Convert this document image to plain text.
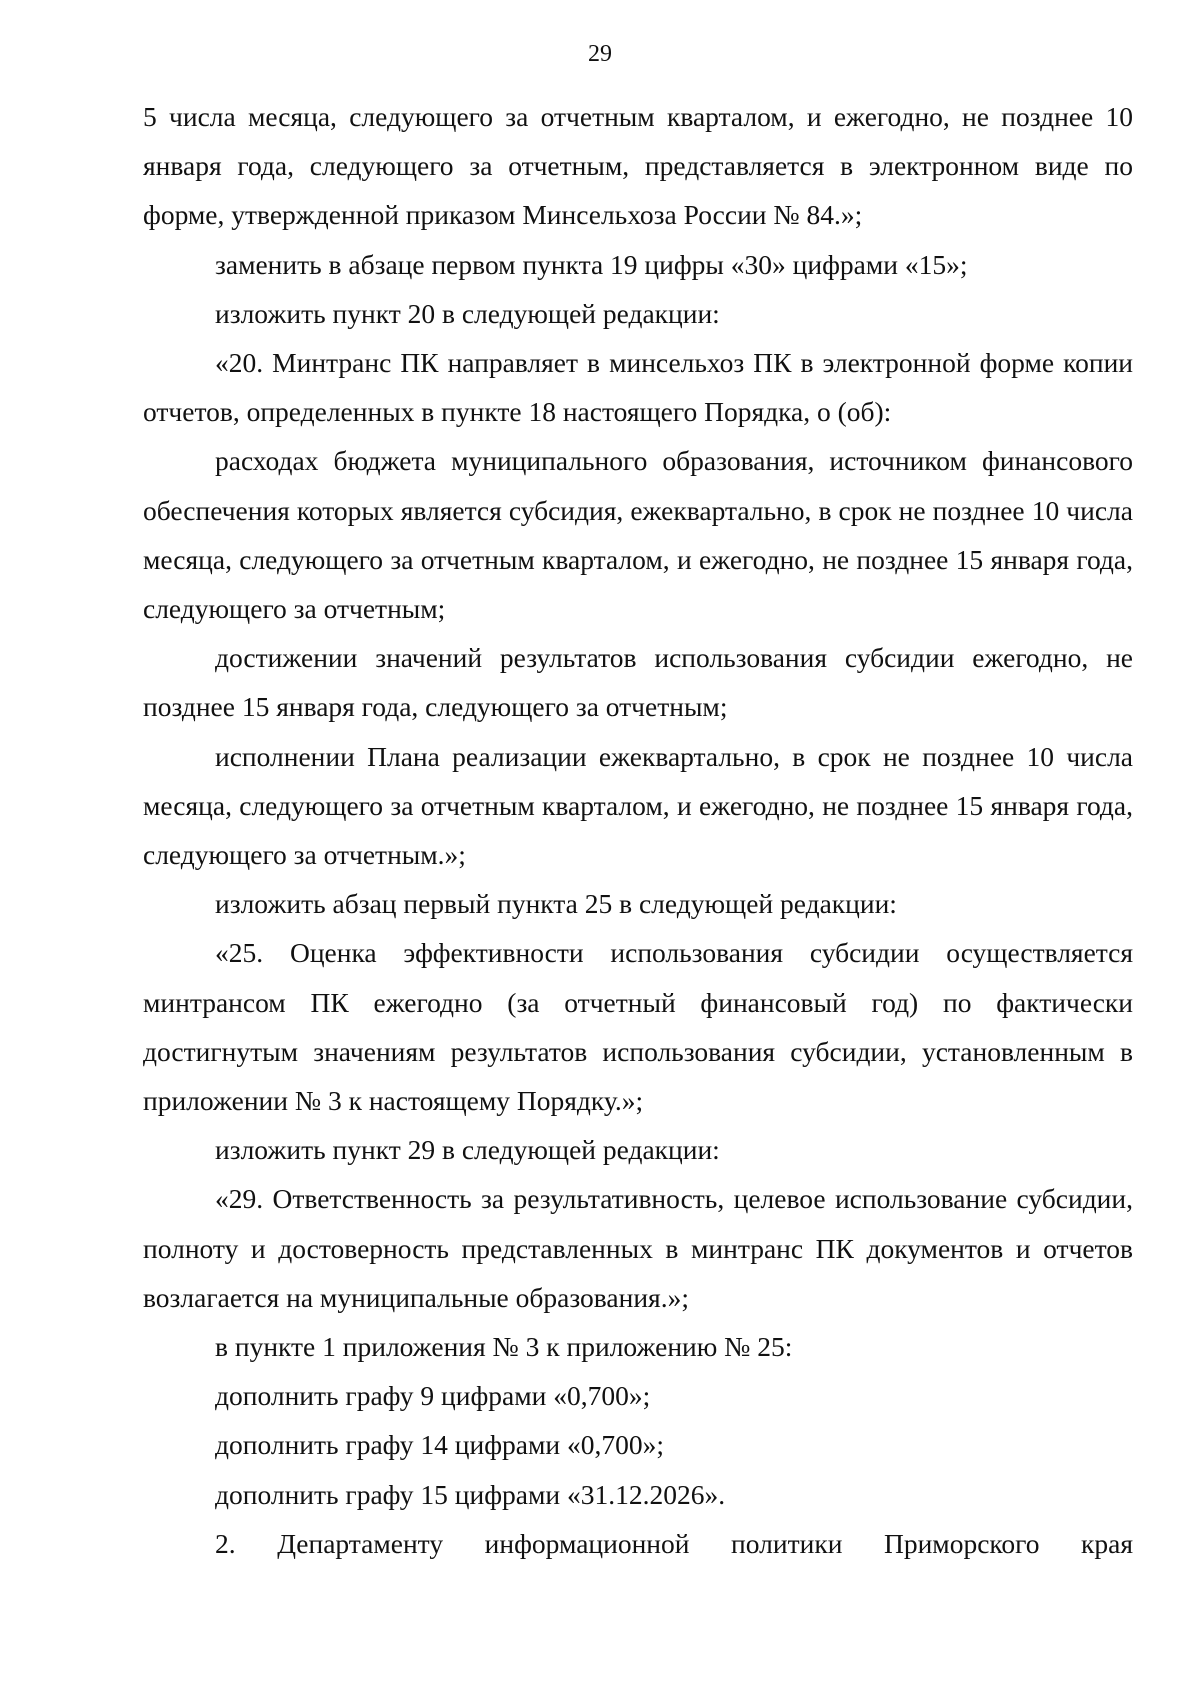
29

5 числа месяца, следующего за отчетным кварталом, и ежегодно, не позднее 10 января года, следующего за отчетным, представляется в электронном виде по форме, утвержденной приказом Минсельхоза России № 84.»;

заменить в абзаце первом пункта 19 цифры «30» цифрами «15»;

изложить пункт 20 в следующей редакции:

«20. Минтранс ПК направляет в минсельхоз ПК в электронной форме копии отчетов, определенных в пункте 18 настоящего Порядка, о (об):

расходах бюджета муниципального образования, источником финансового обеспечения которых является субсидия, ежеквартально, в срок не позднее 10 числа месяца, следующего за отчетным кварталом, и ежегодно, не позднее 15 января года, следующего за отчетным;

достижении значений результатов использования субсидии ежегодно, не позднее 15 января года, следующего за отчетным;

исполнении Плана реализации ежеквартально, в срок не позднее 10 числа месяца, следующего за отчетным кварталом, и ежегодно, не позднее 15 января года, следующего за отчетным.»;

изложить абзац первый пункта 25 в следующей редакции:

«25. Оценка эффективности использования субсидии осуществляется минтрансом ПК ежегодно (за отчетный финансовый год) по фактически достигнутым значениям результатов использования субсидии, установленным в приложении № 3 к настоящему Порядку.»;

изложить пункт 29 в следующей редакции:

«29. Ответственность за результативность, целевое использование субсидии, полноту и достоверность представленных в минтранс ПК документов и отчетов возлагается на муниципальные образования.»;

в пункте 1 приложения № 3 к приложению № 25:

дополнить графу 9 цифрами «0,700»;

дополнить графу 14 цифрами «0,700»;

дополнить графу 15 цифрами «31.12.2026».

2. Департаменту информационной политики Приморского края
